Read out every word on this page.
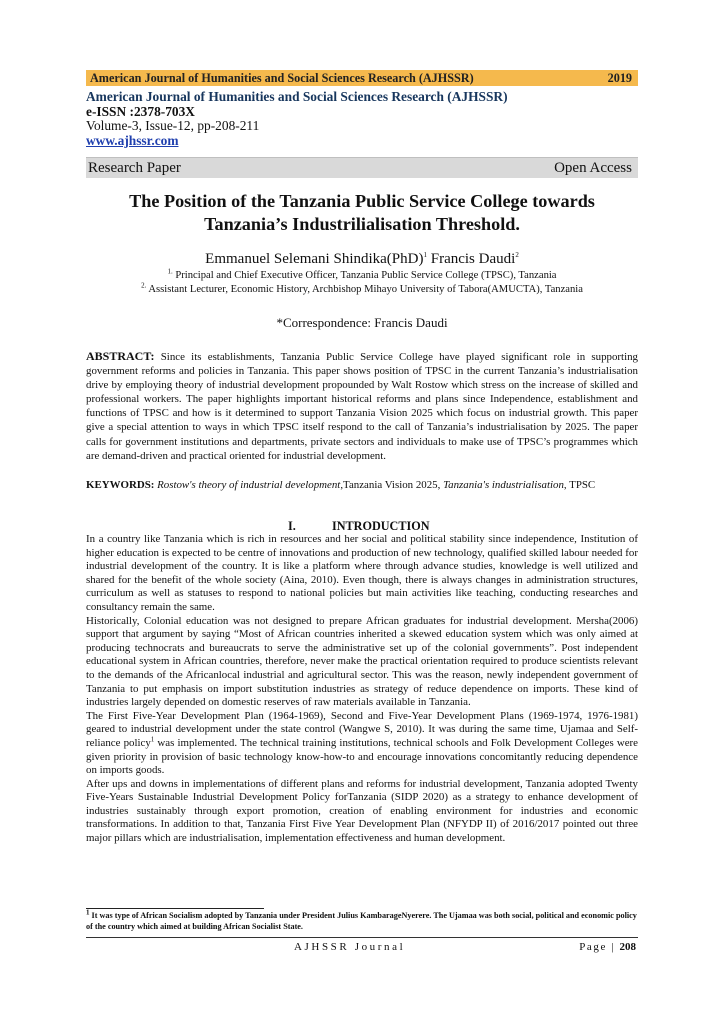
American Journal of Humanities and Social Sciences Research (AJHSSR)	2019
American Journal of Humanities and Social Sciences Research (AJHSSR)
e-ISSN :2378-703X
Volume-3, Issue-12, pp-208-211
www.ajhssr.com
Research Paper	Open Access
The Position of the Tanzania Public Service College towards
Tanzania’s Industrilialisation Threshold.
Emmanuel Selemani Shindika(PhD)$^1$ Francis Daudi$^2$
$^{1.}$ Principal and Chief Executive Officer, Tanzania Public Service College (TPSC), Tanzania
$^{2.}$ Assistant Lecturer, Economic History, Archbishop Mihayo University of Tabora(AMUCTA), Tanzania
*Correspondence: Francis Daudi
ABSTRACT: Since its establishments, Tanzania Public Service College have played significant role in supporting government reforms and policies in Tanzania. This paper shows position of TPSC in the current Tanzania’s industrialisation drive by employing theory of industrial development propounded by Walt Rostow which stress on the increase of skilled and professional workers. The paper highlights important historical reforms and plans since Independence, establishment and functions of TPSC and how is it determined to support Tanzania Vision 2025 which focus on industrial growth. This paper give a special attention to ways in which TPSC itself respond to the call of Tanzania’s industrialisation by 2025. The paper calls for government institutions and departments, private sectors and individuals to make use of TPSC’s programmes which are demand-driven and practical oriented for industrial development.
KEYWORDS: Rostow's theory of industrial development,Tanzania Vision 2025, Tanzania's industrialisation, TPSC
I.	INTRODUCTION

In a country like Tanzania which is rich in resources and her social and political stability since independence, Institution of higher education is expected to be centre of innovations and production of new technology, qualified skilled labour needed for industrial development of the country. It is like a platform where through advance studies, knowledge is well utilized and shared for the benefit of the whole society (Aina, 2010). Even though, there is always changes in administration structures, curriculum as well as statuses to respond to national policies but main activities like teaching, conducting researches and consultancy remain the same.

Historically, Colonial education was not designed to prepare African graduates for industrial development. Mersha(2006) support that argument by saying “Most of African countries inherited a skewed education system which was only aimed at producing technocrats and bureaucrats to serve the administrative set up of the colonial governments”. Post independent educational system in African countries, therefore, never make the practical orientation required to produce scientists relevant to the demands of the Africanlocal industrial and agricultural sector. This was the reason, newly independent government of Tanzania to put emphasis on import substitution industries as strategy of reduce dependence on imports. These kind of industries largely depended on domestic reserves of raw materials available in Tanzania.

The First Five-Year Development Plan (1964-1969), Second and Five-Year Development Plans (1969-1974, 1976-1981) geared to industrial development under the state control (Wangwe S, 2010). It was during the same time, Ujamaa and Self-reliance policy$^1$ was implemented. The technical training institutions, technical schools and Folk Development Colleges were given priority in provision of basic technology know-how-to and encourage innovations concomitantly reducing dependence on imports goods.

After ups and downs in implementations of different plans and reforms for industrial development, Tanzania adopted Twenty Five-Years Sustainable Industrial Development Policy forTanzania (SIDP 2020) as a strategy to enhance development of industries sustainably through export promotion, creation of enabling environment for industries and economic transformations. In addition to that, Tanzania First Five Year Development Plan (NFYDP II) of 2016/2017 pointed out three major pillars which are industrialisation, implementation effectiveness and human development.

$^1$ It was type of African Socialism adopted by Tanzania under President Julius KambarageNyerere. The Ujamaa was both social, political and economic policy of the country which aimed at building African Socialist State.
AJHSSR Journal	Page | 208
